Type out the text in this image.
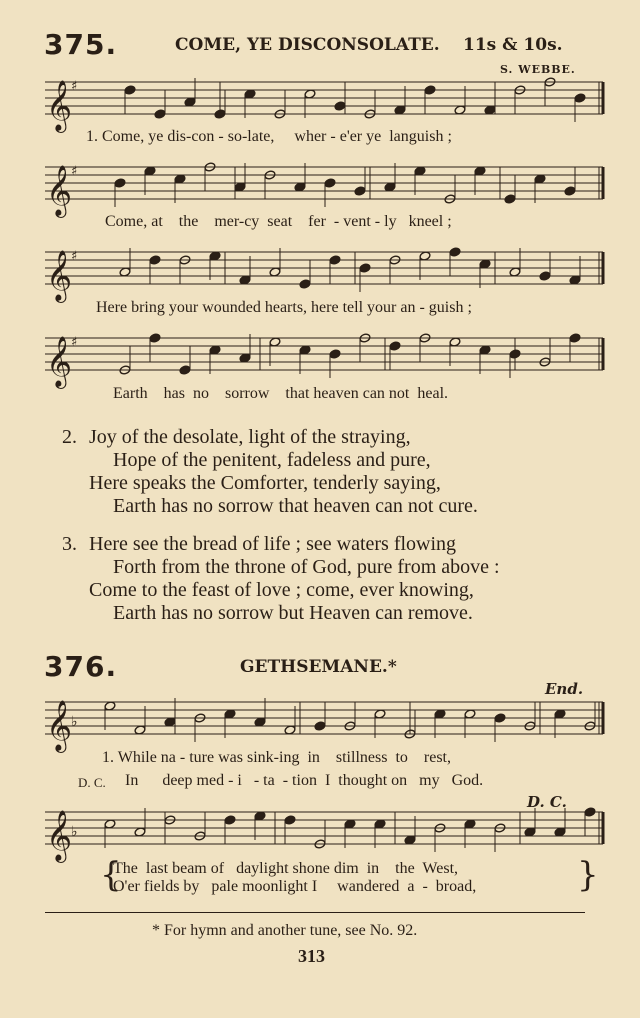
375.	COME, YE DISCONSOLATE. 11s & 10s.
S. WEBBE.
𝄞
♯
1. Come, ye dis-con - so-late,     wher - e'er ye  languish ;
𝄞
♯
Come, at    the    mer-cy  seat    fer  - vent - ly   kneel ;
𝄞
♯
Here bring your wounded hearts, here tell your an - guish ;
𝄞
♯
Earth    has  no    sorrow    that heaven can not  heal.
2. Joy of the desolate, light of the straying,
Hope of the penitent, fadeless and pure,
Here speaks the Comforter, tenderly saying,
Earth has no sorrow that heaven can not cure.
3. Here see the bread of life ; see waters flowing
Forth from the throne of God, pure from above :
Come to the feast of love ; come, ever knowing,
Earth has no sorrow but Heaven can remove.
376.	GETHSEMANE.*
End.
𝄞
♭
1. While na - ture was sink-ing  in    stillness  to    rest,
D. C. In      deep med - i   - ta  - tion  I  thought on   my   God.
D. C.
𝄞
♭
The  last beam of   daylight shone dim  in    the  West,
O'er fields by   pale moonlight I     wandered  a  -  broad,
{	}
* For hymn and another tune, see No. 92.
313
